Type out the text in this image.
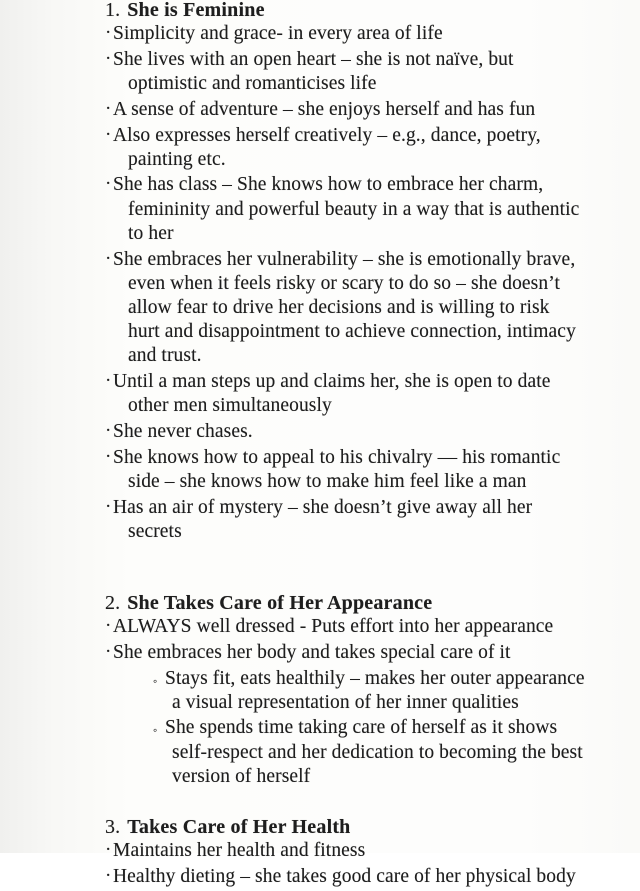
1. She is Feminine
· Simplicity and grace- in every area of life
· She lives with an open heart – she is not naïve, but
optimistic and romanticises life
· A sense of adventure – she enjoys herself and has fun
· Also expresses herself creatively – e.g., dance, poetry,
painting etc.
· She has class – She knows how to embrace her charm,
femininity and powerful beauty in a way that is authentic
to her
· She embraces her vulnerability – she is emotionally brave,
even when it feels risky or scary to do so – she doesn’t
allow fear to drive her decisions and is willing to risk
hurt and disappointment to achieve connection, intimacy
and trust.
· Until a man steps up and claims her, she is open to date
other men simultaneously
· She never chases.
· She knows how to appeal to his chivalry — his romantic
side – she knows how to make him feel like a man
· Has an air of mystery – she doesn’t give away all her
secrets
2. She Takes Care of Her Appearance
· ALWAYS well dressed - Puts effort into her appearance
· She embraces her body and takes special care of it
◦ Stays fit, eats healthily – makes her outer appearance
a visual representation of her inner qualities
◦ She spends time taking care of herself as it shows
self-respect and her dedication to becoming the best
version of herself
3. Takes Care of Her Health
· Maintains her health and fitness
· Healthy dieting – she takes good care of her physical body
